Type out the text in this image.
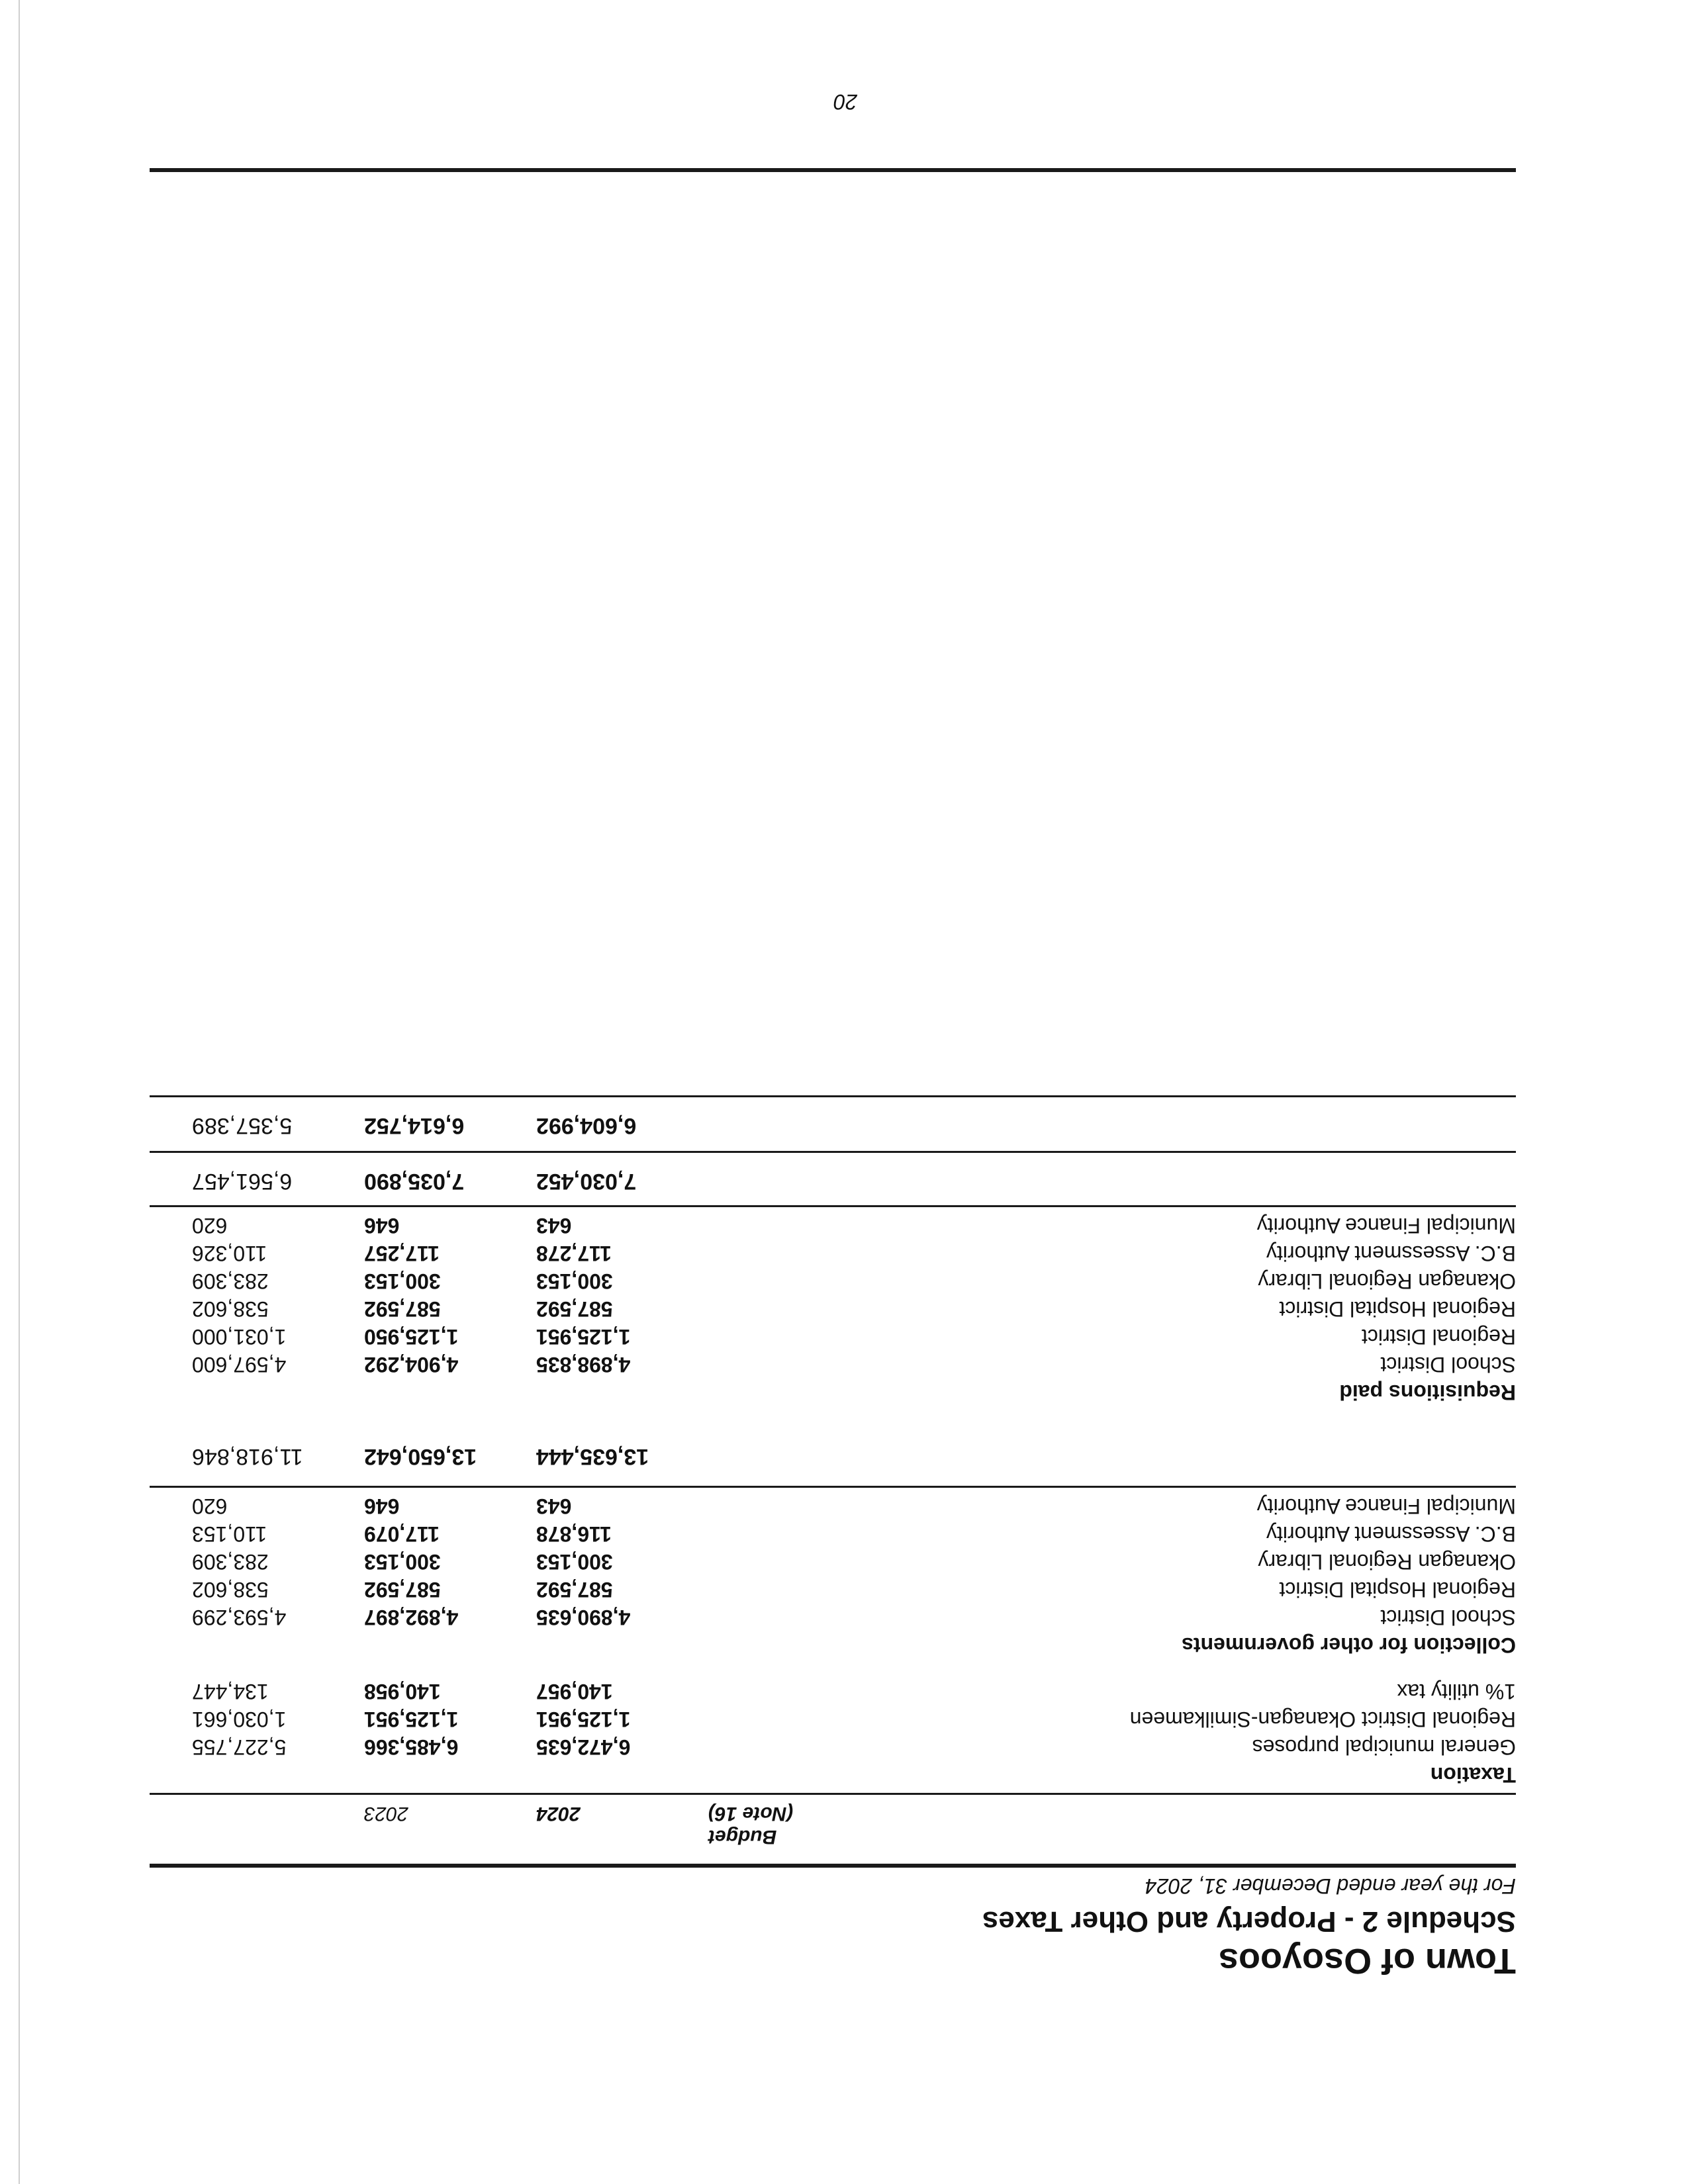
Town of Osoyoos
Schedule 2 - Property and Other Taxes
For the year ended December 31, 2024
Budget
(Note 16)
2024
2023
Taxation
General municipal purposes
6,472,635
6,485,366
5,227,755
Regional District Okanagan-Similkameen
1,125,951
1,125,951
1,030,661
1% utility tax
140,957
140,958
134,447
Collection for other governments
School District
4,890,635
4,892,897
4,593,299
Regional Hospital District
587,592
587,592
538,602
Okanagan Regional Library
300,153
300,153
283,309
B.C. Assessment Authority
116,878
117,079
110,153
Municipal Finance Authority
643
646
620
13,635,444
13,650,642
11,918,846
Requisitions paid
School District
4,898,835
4,904,292
4,597,600
Regional District
1,125,951
1,125,950
1,031,000
Regional Hospital District
587,592
587,592
538,602
Okanagan Regional Library
300,153
300,153
283,309
B.C. Assessment Authority
117,278
117,257
110,326
Municipal Finance Authority
643
646
620
7,030,452
7,035,890
6,561,457
6,604,992
6,614,752
5,357,389
20
